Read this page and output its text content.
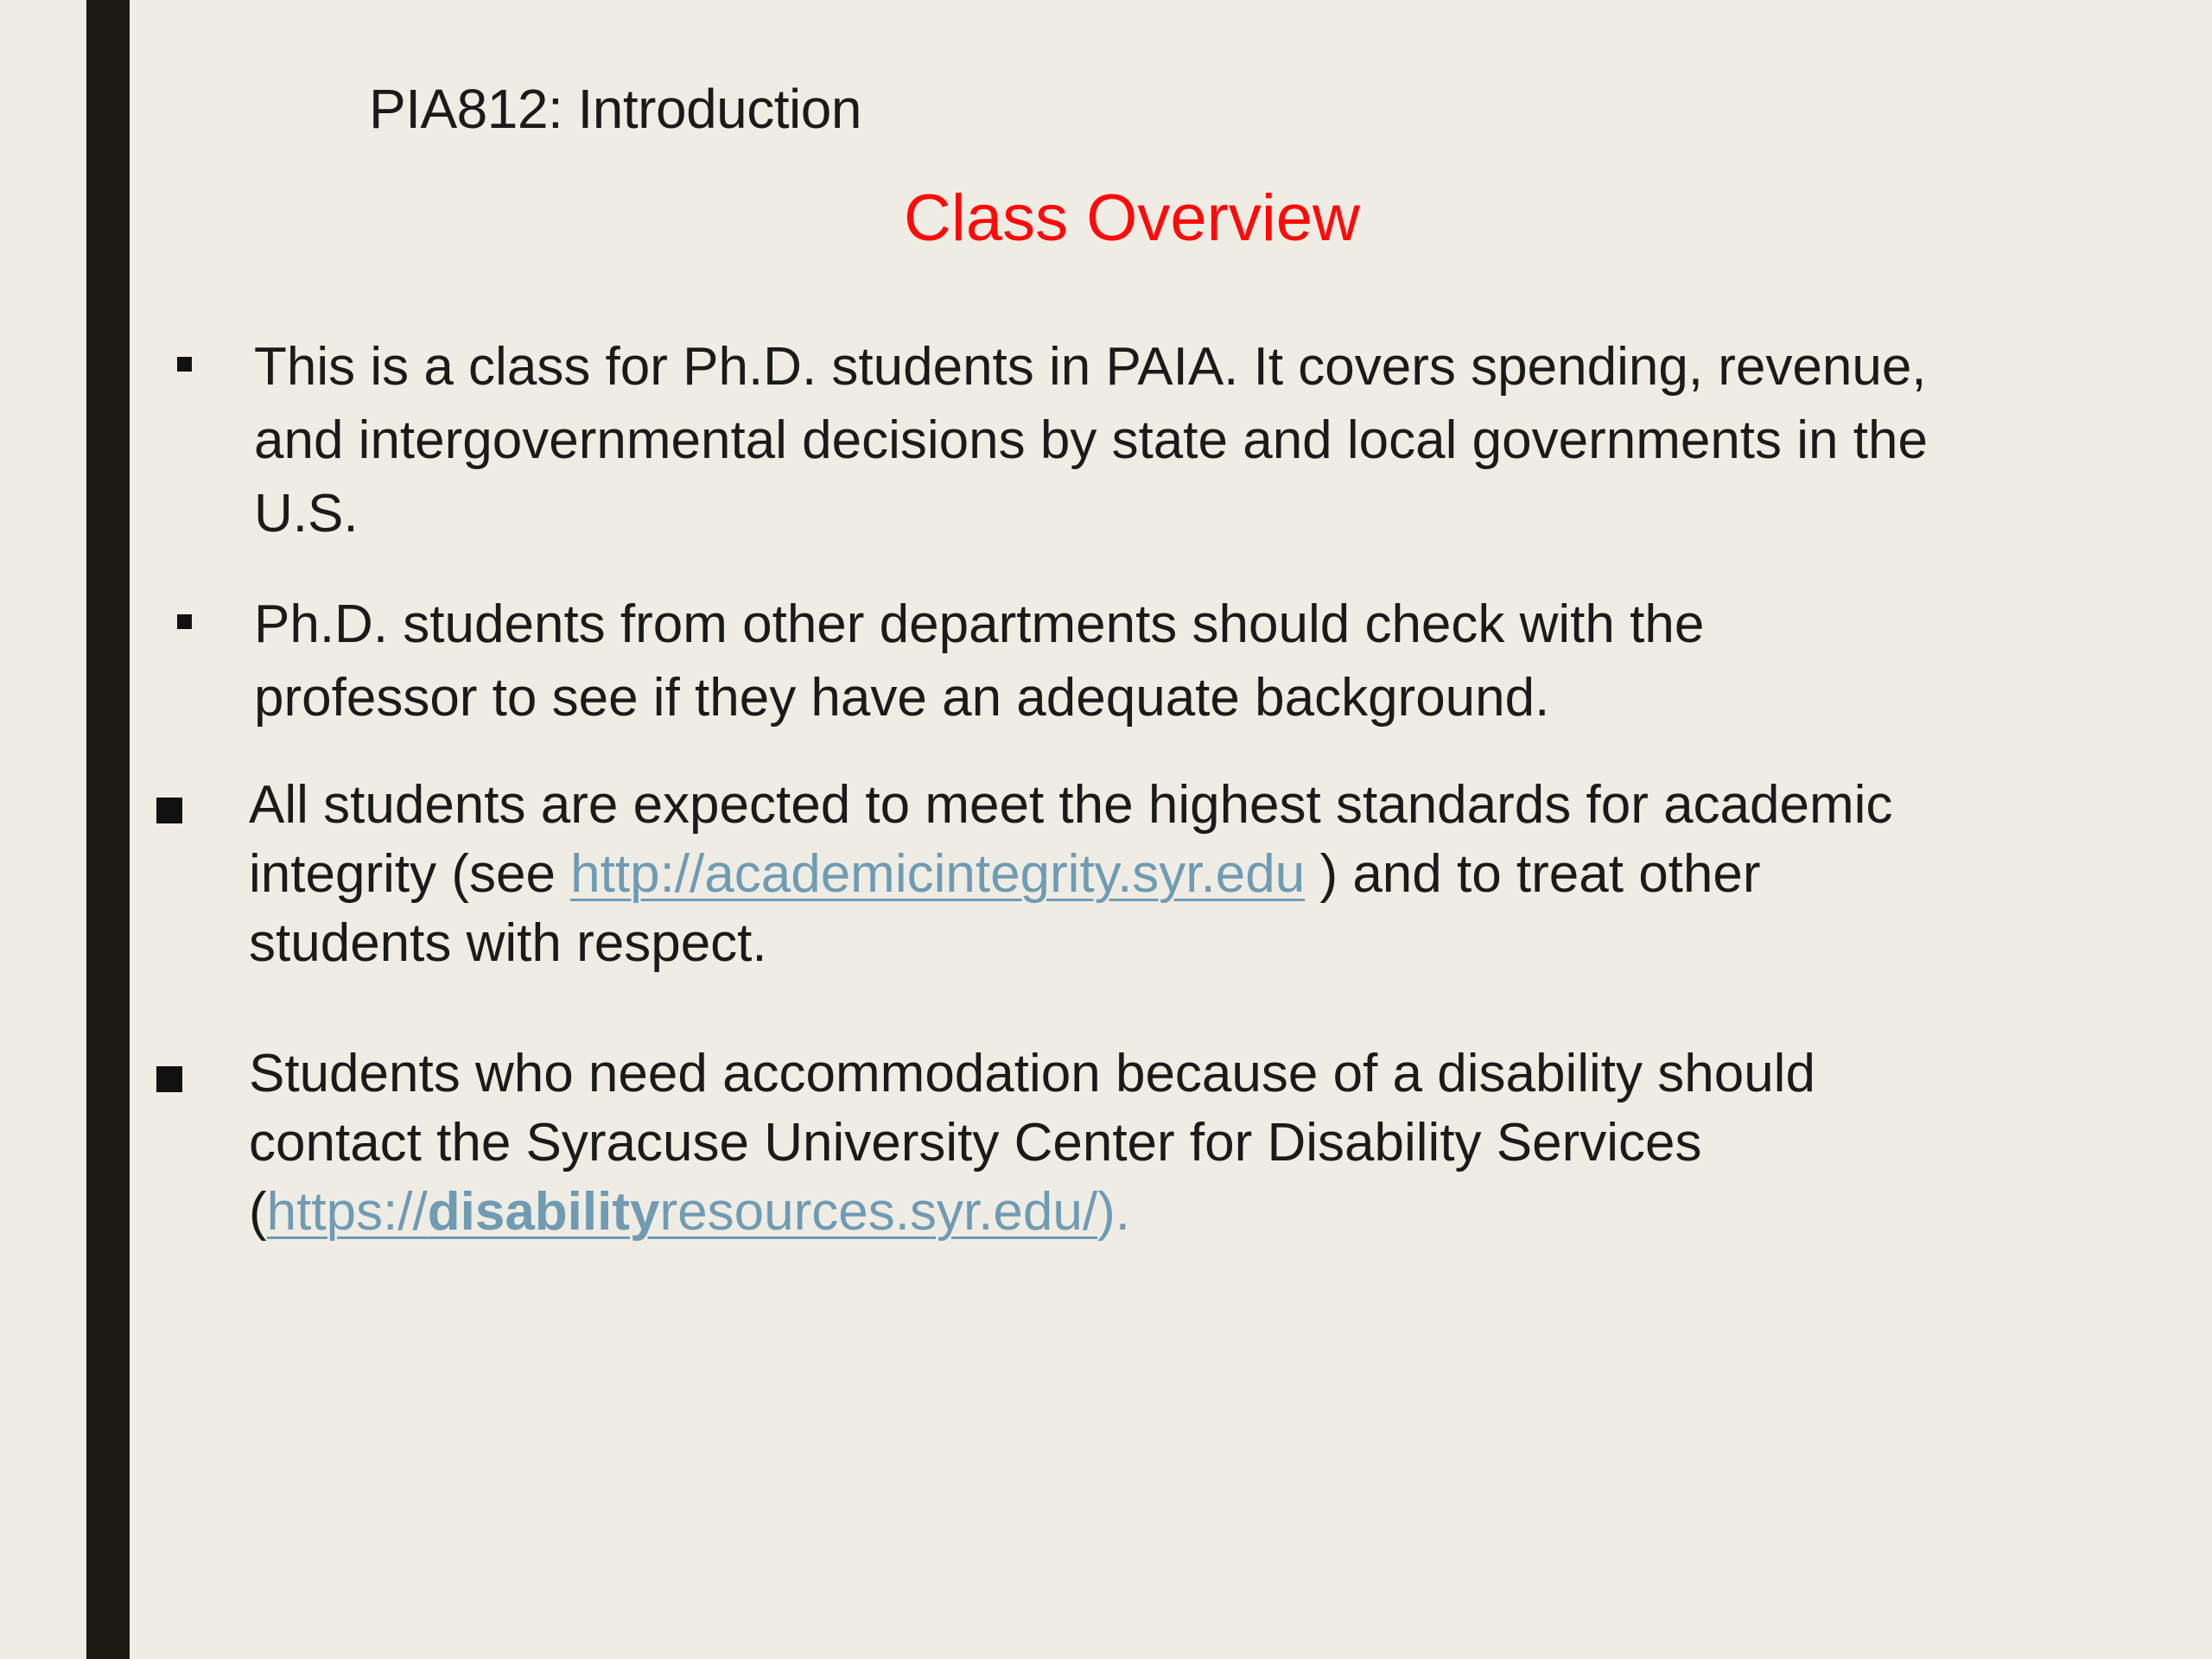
PIA812: Introduction
Class Overview

This is a class for Ph.D. students in PAIA. It covers spending, revenue,
and intergovernmental decisions by state and local governments in the
U.S.

Ph.D. students from other departments should check with the
professor to see if they have an adequate background.

All students are expected to meet the highest standards for academic
integrity (see http://academicintegrity.syr.edu ) and to treat other
students with respect.

Students who need accommodation because of a disability should
contact the Syracuse University Center for Disability Services
(https://disabilityresources.syr.edu/).
